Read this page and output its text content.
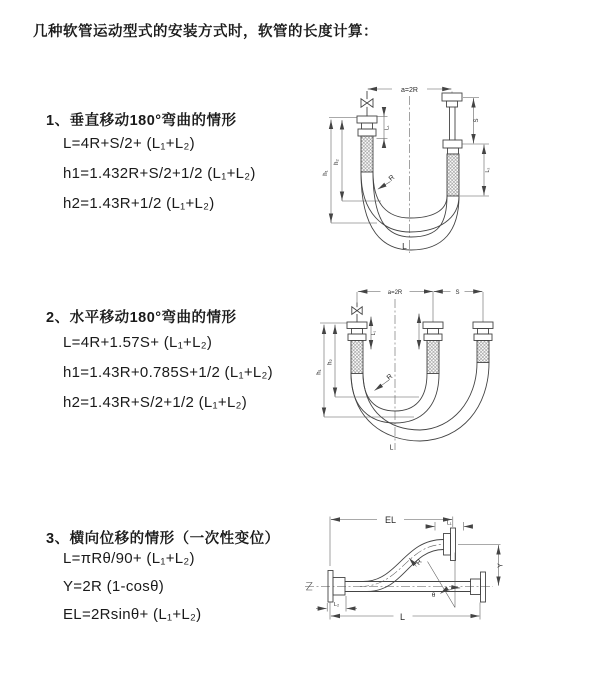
几种软管运动型式的安装方式时，软管的长度计算：
1、垂直移动180°弯曲的情形
L=4R+S/2+ (L₁+L₂)
h1=1.432R+S/2+1/2 (L₁+L₂)
h2=1.43R+1/2 (L₁+L₂)
2、水平移动180°弯曲的情形
L=4R+1.57S+ (L₁+L₂)
h1=1.43R+0.785S+1/2 (L₁+L₂)
h2=1.43R+S/2+1/2 (L₁+L₂)
3、横向位移的情形（一次性变位）
L=πRθ/90+ (L₁+L₂)
Y=2R (1-cosθ)
EL=2Rsinθ+ (L₁+L₂)
a=2R
h₁
h₂
L₁
S
L₂
R
L
a=2R	S
L₁
h₁
h₂
R
L
EL	L₁
Y
θ
R
L
L₂
